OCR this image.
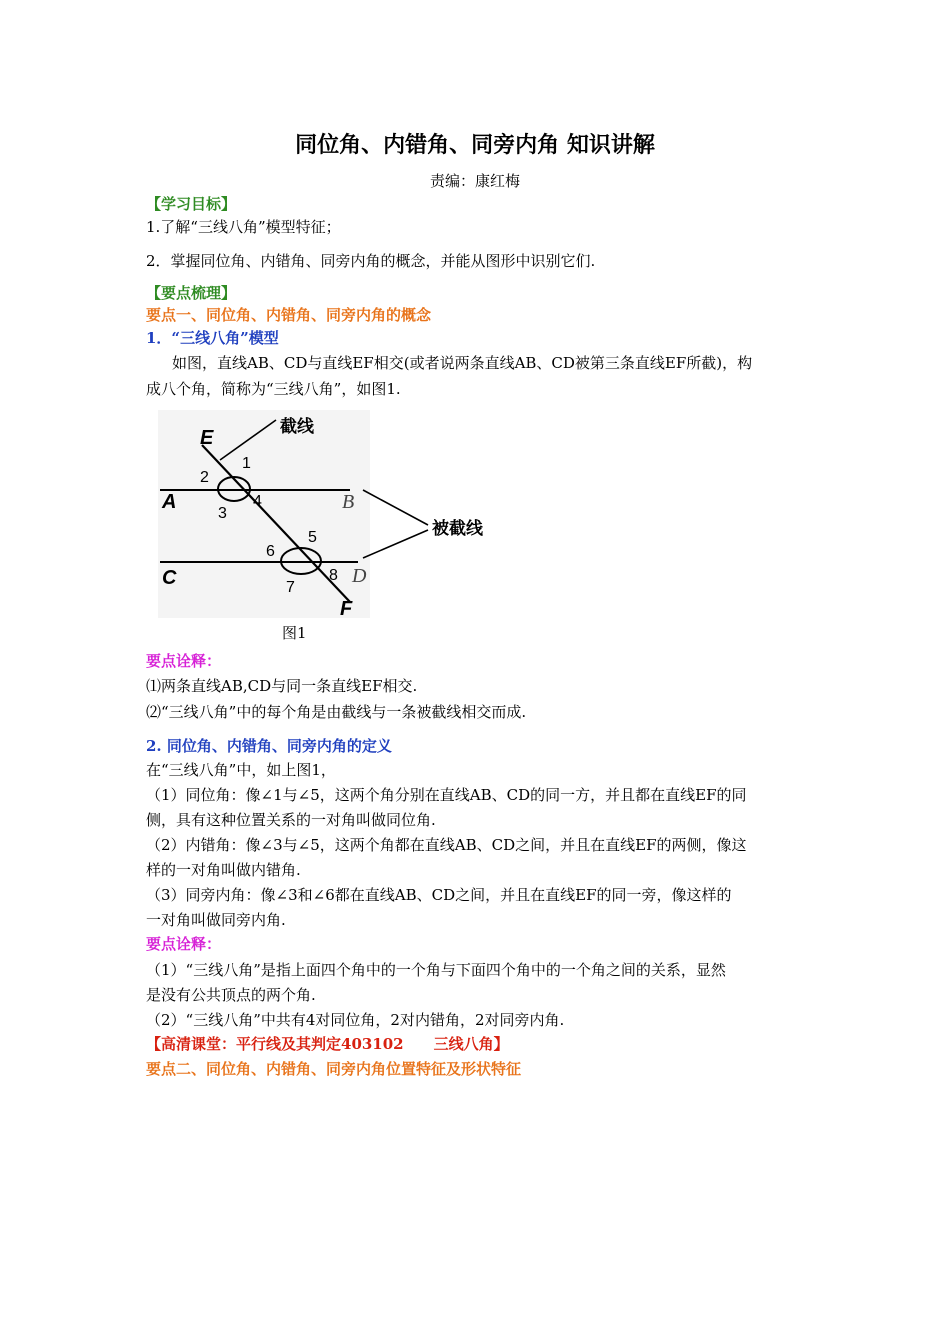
同位角、内错角、同旁内角 知识讲解
责编：康红梅
【学习目标】
1.了解“三线八角”模型特征；
2．掌握同位角、内错角、同旁内角的概念，并能从图形中识别它们.
【要点梳理】
要点一、同位角、内错角、同旁内角的概念
1．“三线八角”模型
如图，直线AB、CD与直线EF相交(或者说两条直线AB、CD被第三条直线EF所截)，构
成八个角，简称为“三线八角”，如图1.
E
A	B
C	D
F
1
2
3
4
5
6
7
8
截线
被截线
图1
要点诠释：
⑴两条直线AB,CD与同一条直线EF相交.
⑵“三线八角”中的每个角是由截线与一条被截线相交而成.
2. 同位角、内错角、同旁内角的定义
在“三线八角”中，如上图1，
（1）同位角：像∠1与∠5，这两个角分别在直线AB、CD的同一方，并且都在直线EF的同
侧，具有这种位置关系的一对角叫做同位角.
（2）内错角：像∠3与∠5，这两个角都在直线AB、CD之间，并且在直线EF的两侧，像这
样的一对角叫做内错角.
（3）同旁内角：像∠3和∠6都在直线AB、CD之间，并且在直线EF的同一旁，像这样的
一对角叫做同旁内角.
要点诠释：
（1）“三线八角”是指上面四个角中的一个角与下面四个角中的一个角之间的关系，显然
是没有公共顶点的两个角.
（2）“三线八角”中共有4对同位角，2对内错角，2对同旁内角.
【高清课堂：平行线及其判定403102　　三线八角】
要点二、同位角、内错角、同旁内角位置特征及形状特征
